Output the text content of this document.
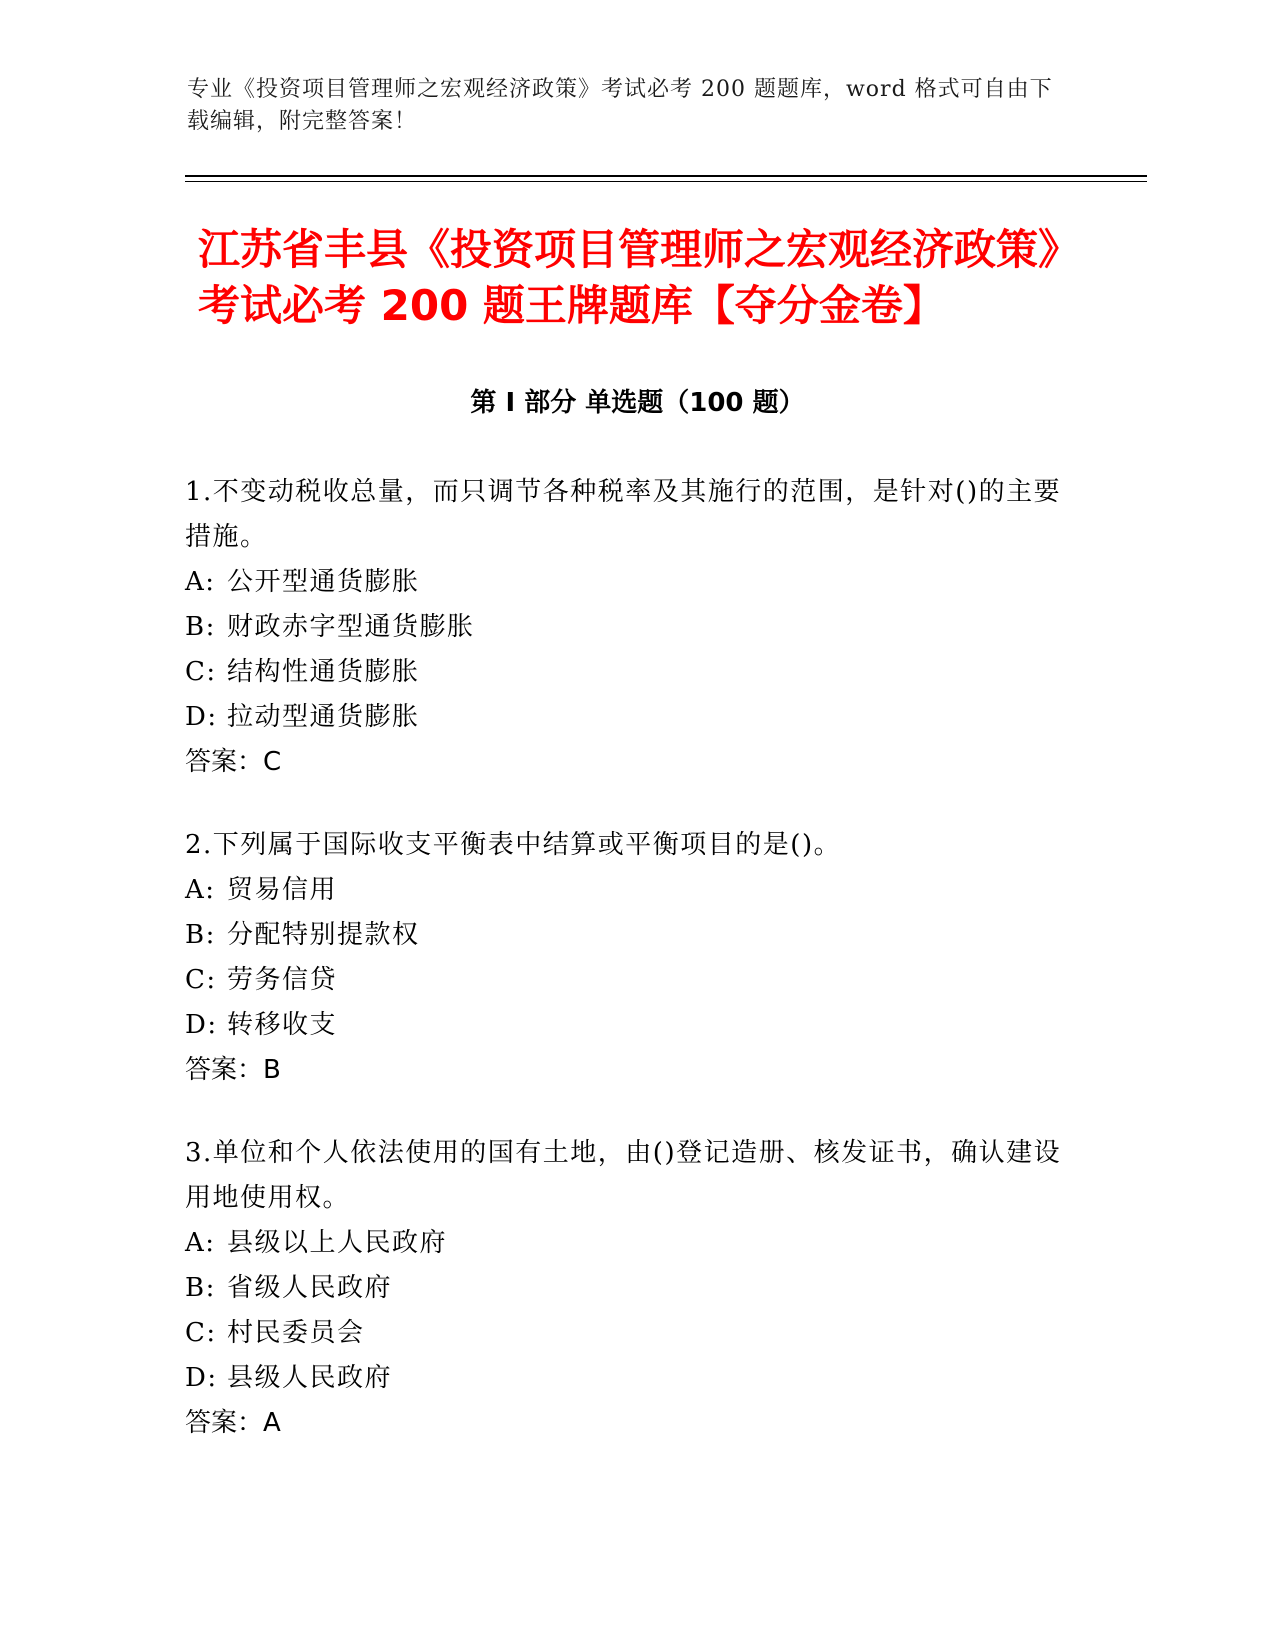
专业《投资项目管理师之宏观经济政策》考试必考 200 题题库，word 格式可自由下载编辑，附完整答案！
江苏省丰县《投资项目管理师之宏观经济政策》考试必考 200 题王牌题库【夺分金卷】
第 I 部分 单选题（100 题）

1.不变动税收总量，而只调节各种税率及其施行的范围，是针对()的主要措施。

A: 公开型通货膨胀

B: 财政赤字型通货膨胀

C: 结构性通货膨胀

D: 拉动型通货膨胀

答案：C

2.下列属于国际收支平衡表中结算或平衡项目的是()。

A: 贸易信用

B: 分配特别提款权

C: 劳务信贷

D: 转移收支

答案：B

3.单位和个人依法使用的国有土地，由()登记造册、核发证书，确认建设用地使用权。

A: 县级以上人民政府

B: 省级人民政府

C: 村民委员会

D: 县级人民政府

答案：A
